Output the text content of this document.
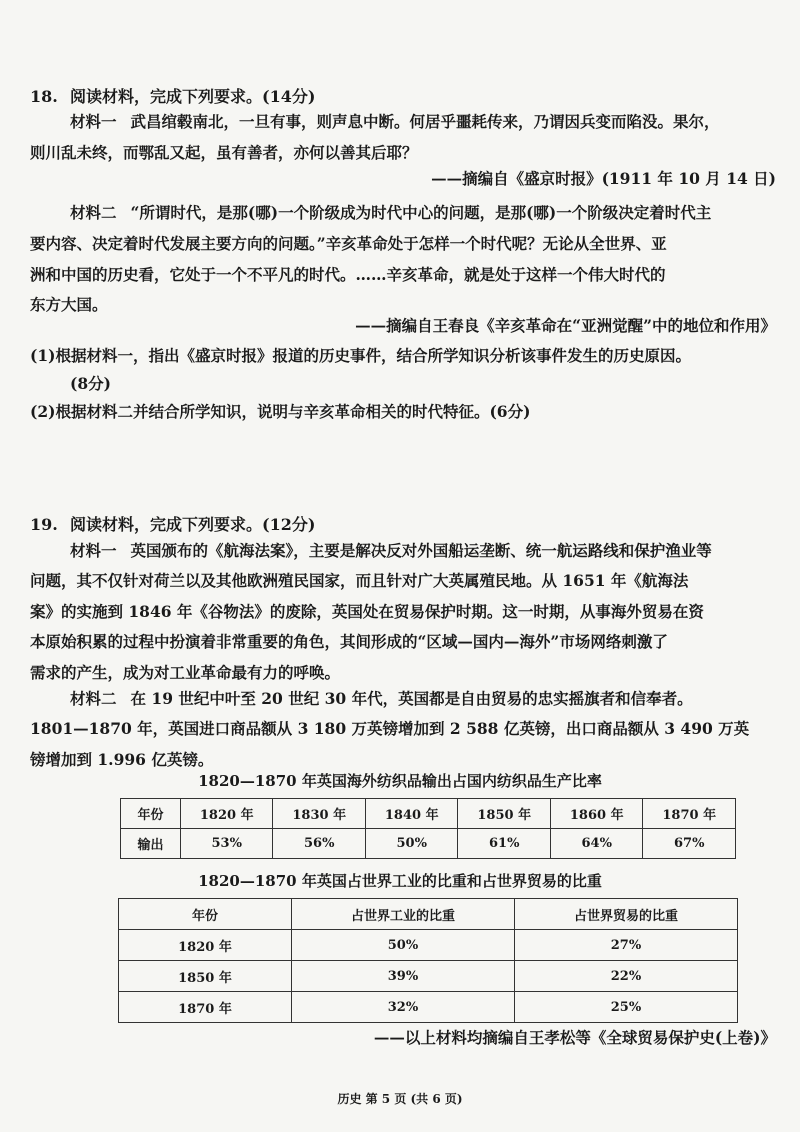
18. 阅读材料，完成下列要求。(14分)
材料一 武昌绾毂南北，一旦有事，则声息中断。何居乎噩耗传来，乃谓因兵变而陷没。果尔，
则川乱未终，而鄂乱又起，虽有善者，亦何以善其后耶？
——摘编自《盛京时报》(1911 年 10 月 14 日)
材料二 “所谓时代，是那(哪)一个阶级成为时代中心的问题，是那(哪)一个阶级决定着时代主
要内容、决定着时代发展主要方向的问题。”辛亥革命处于怎样一个时代呢？无论从全世界、亚
洲和中国的历史看，它处于一个不平凡的时代。……辛亥革命，就是处于这样一个伟大时代的
东方大国。
——摘编自王春良《辛亥革命在“亚洲觉醒”中的地位和作用》
(1)根据材料一，指出《盛京时报》报道的历史事件，结合所学知识分析该事件发生的历史原因。
(8分)
(2)根据材料二并结合所学知识，说明与辛亥革命相关的时代特征。(6分)
19. 阅读材料，完成下列要求。(12分)
材料一 英国颁布的《航海法案》，主要是解决反对外国船运垄断、统一航运路线和保护渔业等
问题，其不仅针对荷兰以及其他欧洲殖民国家，而且针对广大英属殖民地。从 1651 年《航海法
案》的实施到 1846 年《谷物法》的废除，英国处在贸易保护时期。这一时期，从事海外贸易在资
本原始积累的过程中扮演着非常重要的角色，其间形成的“区域—国内—海外”市场网络刺激了
需求的产生，成为对工业革命最有力的呼唤。
材料二 在 19 世纪中叶至 20 世纪 30 年代，英国都是自由贸易的忠实摇旗者和信奉者。
1801—1870 年，英国进口商品额从 3 180 万英镑增加到 2 588 亿英镑，出口商品额从 3 490 万英
镑增加到 1.996 亿英镑。
1820—1870 年英国海外纺织品输出占国内纺织品生产比率
年份	1820 年	1830 年	1840 年	1850 年	1860 年	1870 年
输出	53%	56%	50%	61%	64%	67%
1820—1870 年英国占世界工业的比重和占世界贸易的比重
年份	占世界工业的比重	占世界贸易的比重
1820 年	50%	27%
1850 年	39%	22%
1870 年	32%	25%
——以上材料均摘编自王孝松等《全球贸易保护史(上卷)》
历史 第 5 页 (共 6 页)
